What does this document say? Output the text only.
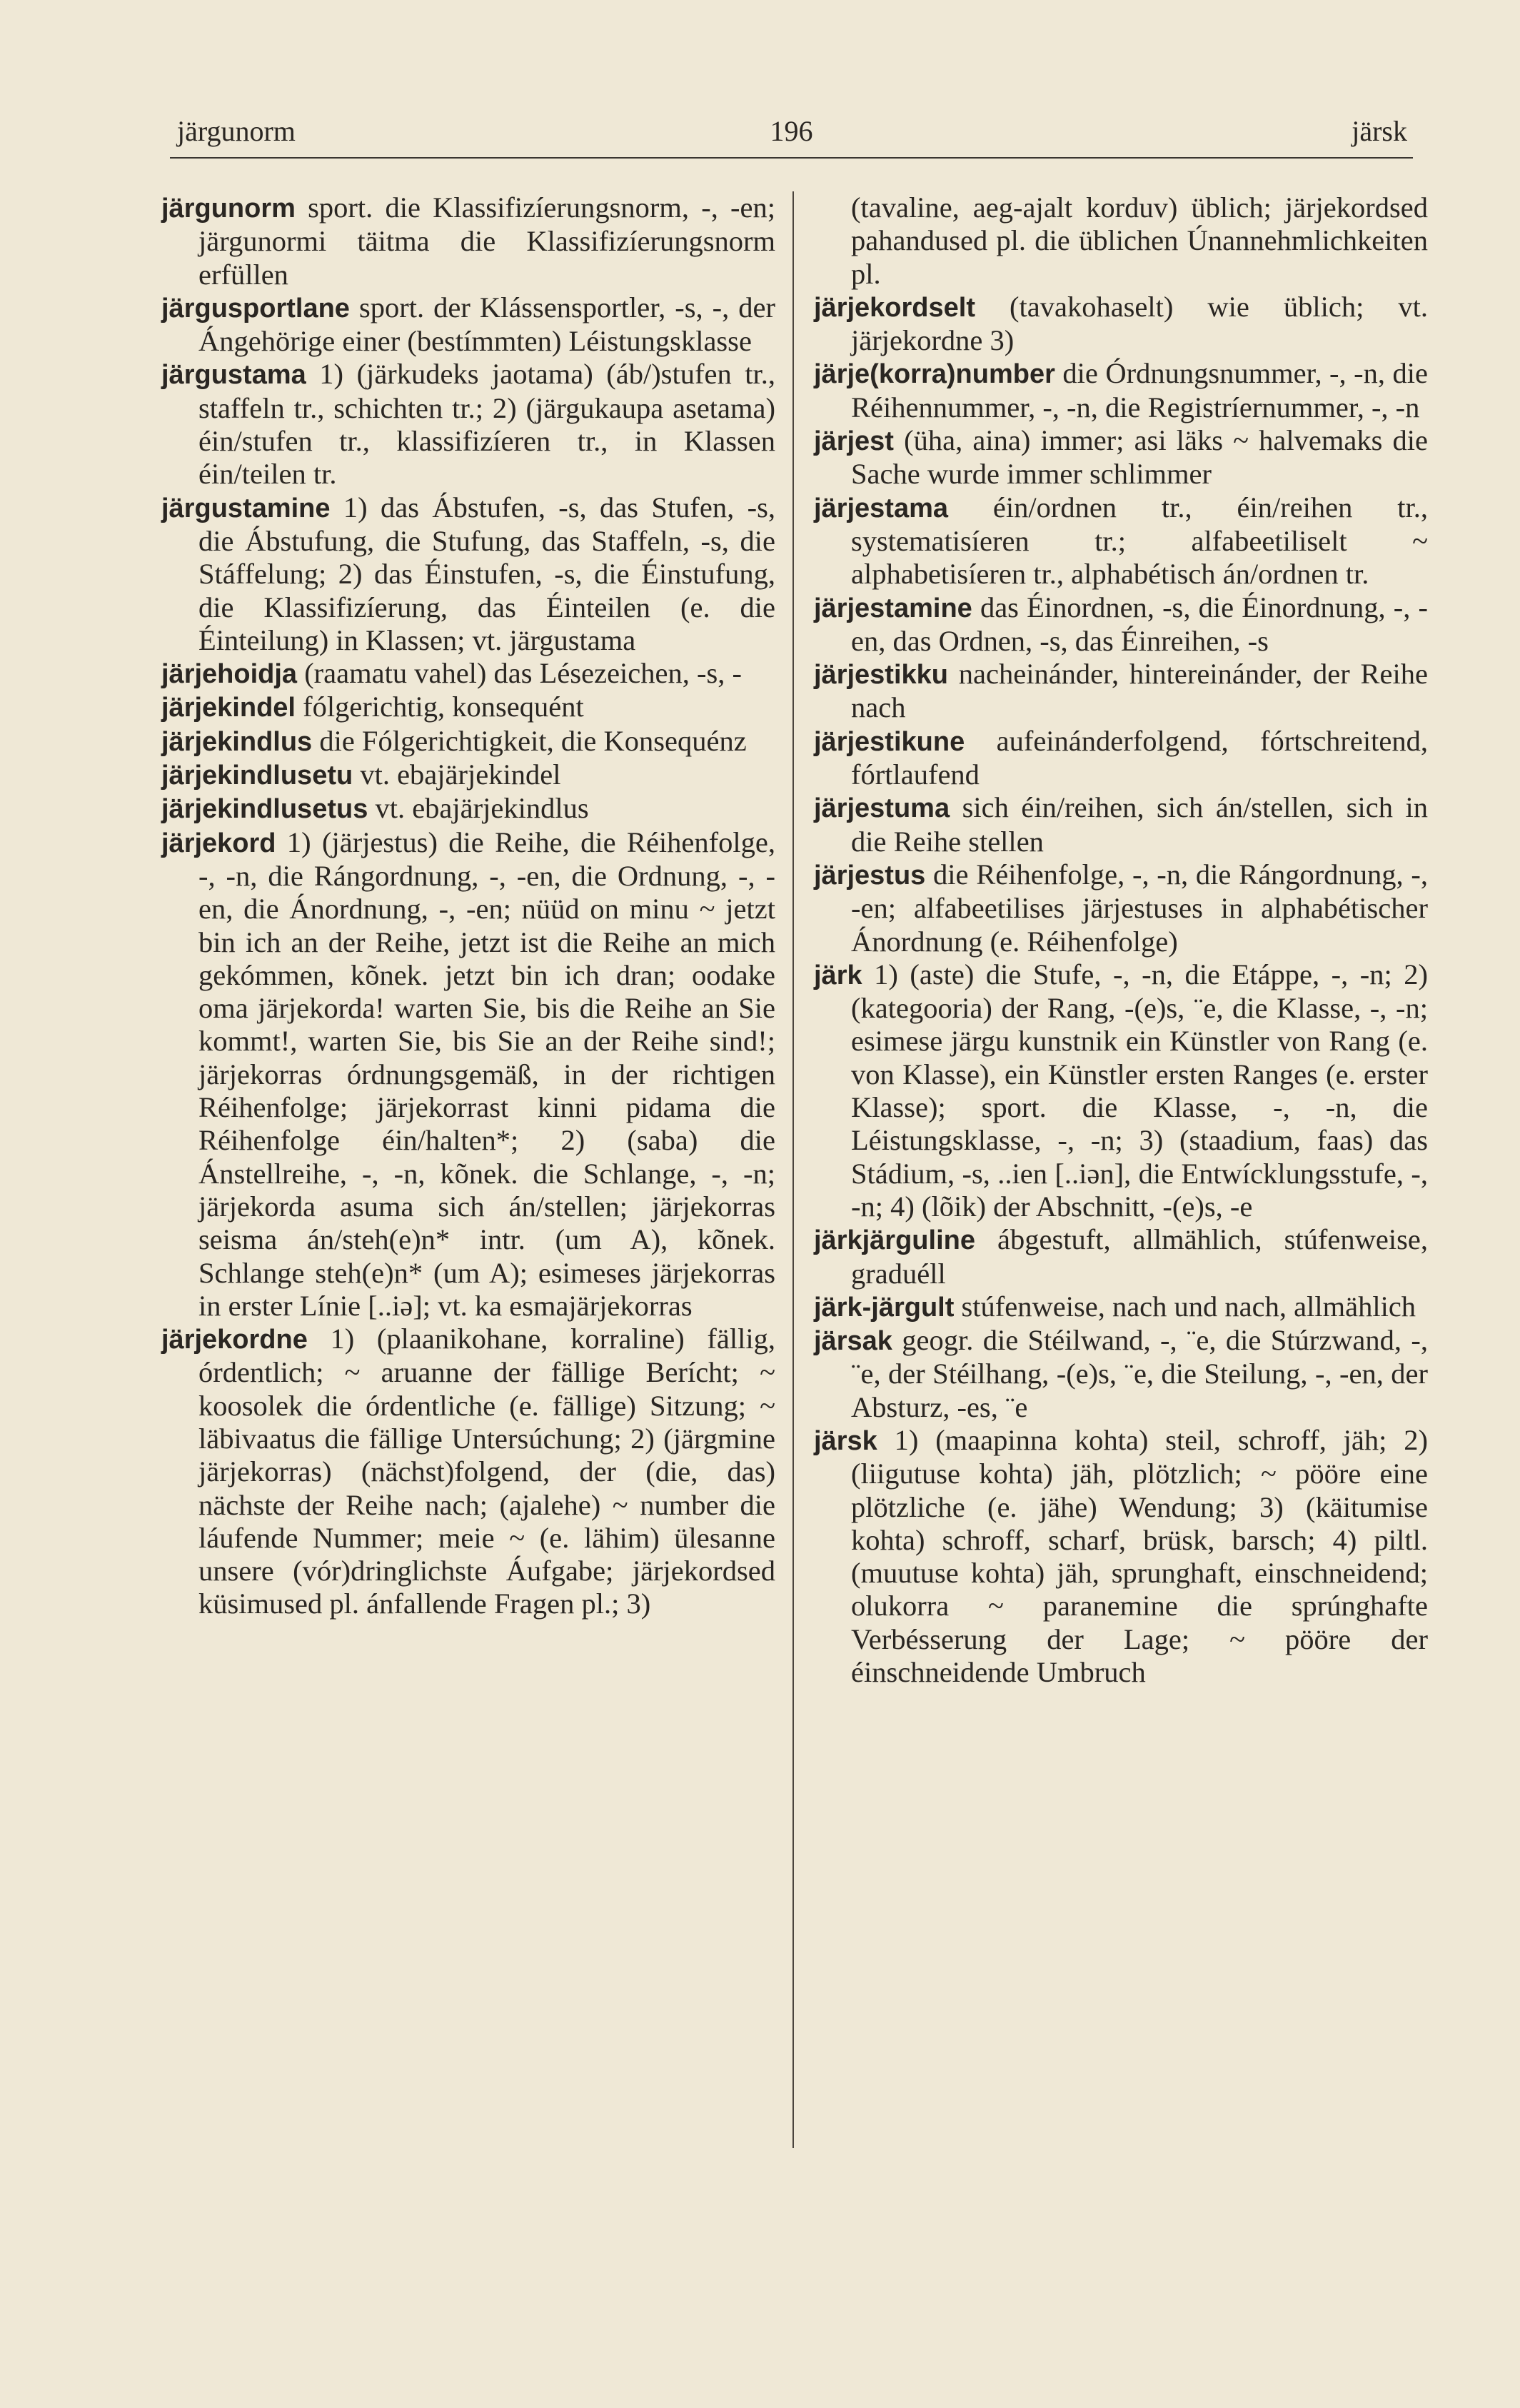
järgunorm	196	järsk

järgunorm sport. die Klassifizíerungsnorm, -, -en; järgunormi täitma die Klassifizíerungsnorm erfüllen

järgusportlane sport. der Klássensportler, -s, -, der Ángehörige einer (bestímmten) Léistungsklasse

järgustama 1) (järkudeks jaotama) (áb/)stufen tr., staffeln tr., schichten tr.; 2) (järgukaupa asetama) éin/stufen tr., klassifizíeren tr., in Klassen éin/teilen tr.

järgustamine 1) das Ábstufen, -s, das Stufen, -s, die Ábstufung, die Stufung, das Staffeln, -s, die Stáffelung; 2) das Éinstufen, -s, die Éinstufung, die Klassifizíerung, das Éinteilen (e. die Éinteilung) in Klassen; vt. järgustama

järjehoidja (raamatu vahel) das Lésezeichen, -s, -

järjekindel fólgerichtig, konsequént

järjekindlus die Fólgerichtigkeit, die Konsequénz

järjekindlusetu vt. ebajärjekindel

järjekindlusetus vt. ebajärjekindlus

järjekord 1) (järjestus) die Reihe, die Réihenfolge, -, -n, die Rángordnung, -, -en, die Ordnung, -, -en, die Ánordnung, -, -en; nüüd on minu ~ jetzt bin ich an der Reihe, jetzt ist die Reihe an mich gekómmen, kõnek. jetzt bin ich dran; oodake oma järjekorda! warten Sie, bis die Reihe an Sie kommt!, warten Sie, bis Sie an der Reihe sind!; järjekorras órdnungsgemäß, in der richtigen Réihenfolge; järjekorrast kinni pidama die Réihenfolge éin/halten*; 2) (saba) die Ánstellreihe, -, -n, kõnek. die Schlange, -, -n; järjekorda asuma sich án/stellen; järjekorras seisma án/steh(e)n* intr. (um A), kõnek. Schlange steh(e)n* (um A); esimeses järjekorras in erster Línie [..iə]; vt. ka esmajärjekorras

järjekordne 1) (plaanikohane, korraline) fällig, órdentlich; ~ aruanne der fällige Berícht; ~ koosolek die órdentliche (e. fällige) Sitzung; ~ läbivaatus die fällige Untersúchung; 2) (järgmine järjekorras) (nächst)folgend, der (die, das) nächste der Reihe nach; (ajalehe) ~ number die láufende Nummer; meie ~ (e. lähim) ülesanne unsere (vór)dringlichste Áufgabe; järjekordsed küsimused pl. ánfallende Fragen pl.; 3)

(tavaline, aeg-ajalt korduv) üblich; järjekordsed pahandused pl. die üblichen Únannehmlichkeiten pl.

järjekordselt (tavakohaselt) wie üblich; vt. järjekordne 3)

järje(korra)number die Órdnungsnummer, -, -n, die Réihennummer, -, -n, die Registríernummer, -, -n

järjest (üha, aina) immer; asi läks ~ halvemaks die Sache wurde immer schlimmer

järjestama éin/ordnen tr., éin/reihen tr., systematisíeren tr.; alfabeetiliselt ~ alphabetisíeren tr., alphabétisch án/ordnen tr.

järjestamine das Éinordnen, -s, die Éinordnung, -, -en, das Ordnen, -s, das Éinreihen, -s

järjestikku nacheinánder, hintereinánder, der Reihe nach

järjestikune aufeinánderfolgend, fórtschreitend, fórtlaufend

järjestuma sich éin/reihen, sich án/stellen, sich in die Reihe stellen

järjestus die Réihenfolge, -, -n, die Rángordnung, -, -en; alfabeetilises järjestuses in alphabétischer Ánordnung (e. Réihenfolge)

järk 1) (aste) die Stufe, -, -n, die Etáppe, -, -n; 2) (kategooria) der Rang, -(e)s, ¨e, die Klasse, -, -n; esimese järgu kunstnik ein Künstler von Rang (e. von Klasse), ein Künstler ersten Ranges (e. erster Klasse); sport. die Klasse, -, -n, die Léistungsklasse, -, -n; 3) (staadium, faas) das Stádium, -s, ..ien [..iən], die Entwícklungsstufe, -, -n; 4) (lõik) der Abschnitt, -(e)s, -e

järkjärguline ábgestuft, allmählich, stúfenweise, graduéll

järk-järgult stúfenweise, nach und nach, allmählich

järsak geogr. die Stéilwand, -, ¨e, die Stúrzwand, -, ¨e, der Stéilhang, -(e)s, ¨e, die Steilung, -, -en, der Absturz, -es, ¨e

järsk 1) (maapinna kohta) steil, schroff, jäh; 2) (liigutuse kohta) jäh, plötzlich; ~ pööre eine plötzliche (e. jähe) Wendung; 3) (käitumise kohta) schroff, scharf, brüsk, barsch; 4) piltl. (muutuse kohta) jäh, sprunghaft, einschneidend; olukorra ~ paranemine die sprúnghafte Verbésserung der Lage; ~ pööre der éinschneidende Umbruch
